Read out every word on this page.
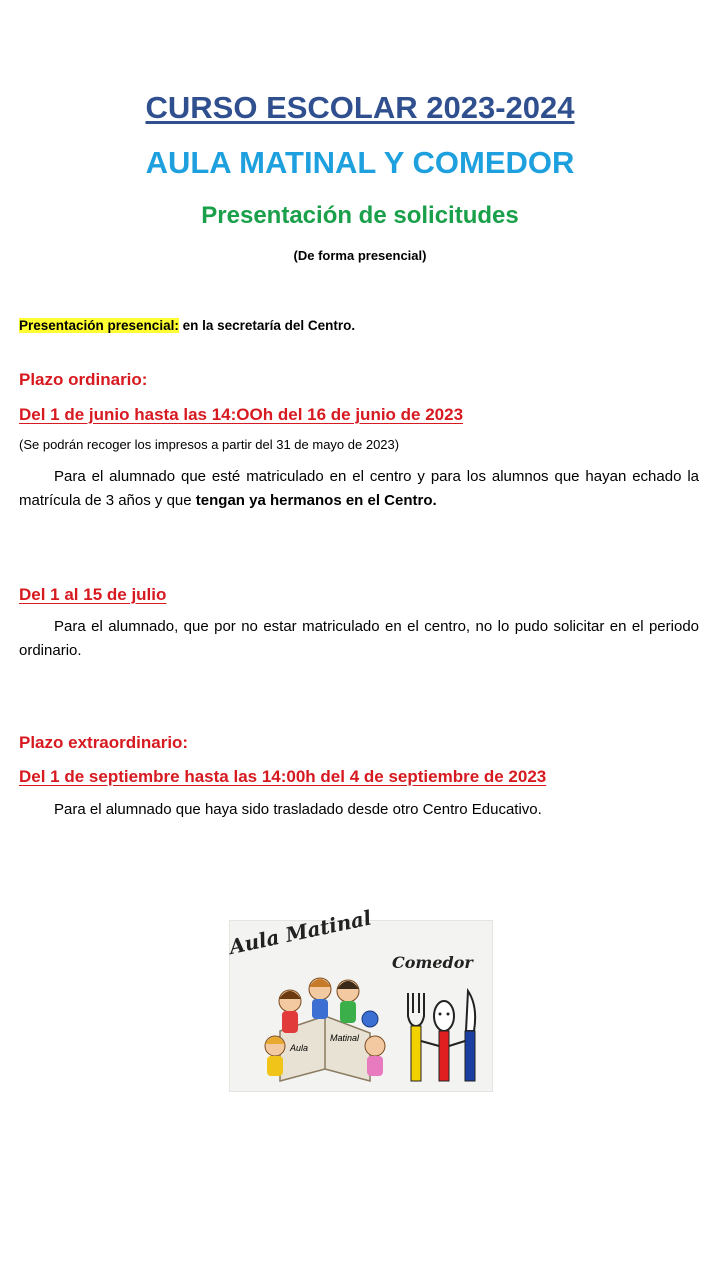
CURSO ESCOLAR 2023-2024
AULA MATINAL Y COMEDOR
Presentación de solicitudes
(De forma presencial)
Presentación presencial: en la secretaría del Centro.
Plazo ordinario:
Del 1 de junio hasta las 14:OOh del 16 de junio de 2023
(Se podrán recoger los impresos a partir del 31 de mayo de 2023)
Para el alumnado que esté matriculado en el centro y para los alumnos que hayan echado la matrícula de 3 años y que tengan ya hermanos en el Centro.
Del 1 al 15 de julio
Para el alumnado, que por no estar matriculado en el centro, no lo pudo solicitar en el periodo ordinario.
Plazo extraordinario:
Del 1 de septiembre hasta las 14:00h del 4 de septiembre de 2023
Para el alumnado que haya sido trasladado desde otro Centro Educativo.
Aula Matinal
Comedor
Aula
Matinal
